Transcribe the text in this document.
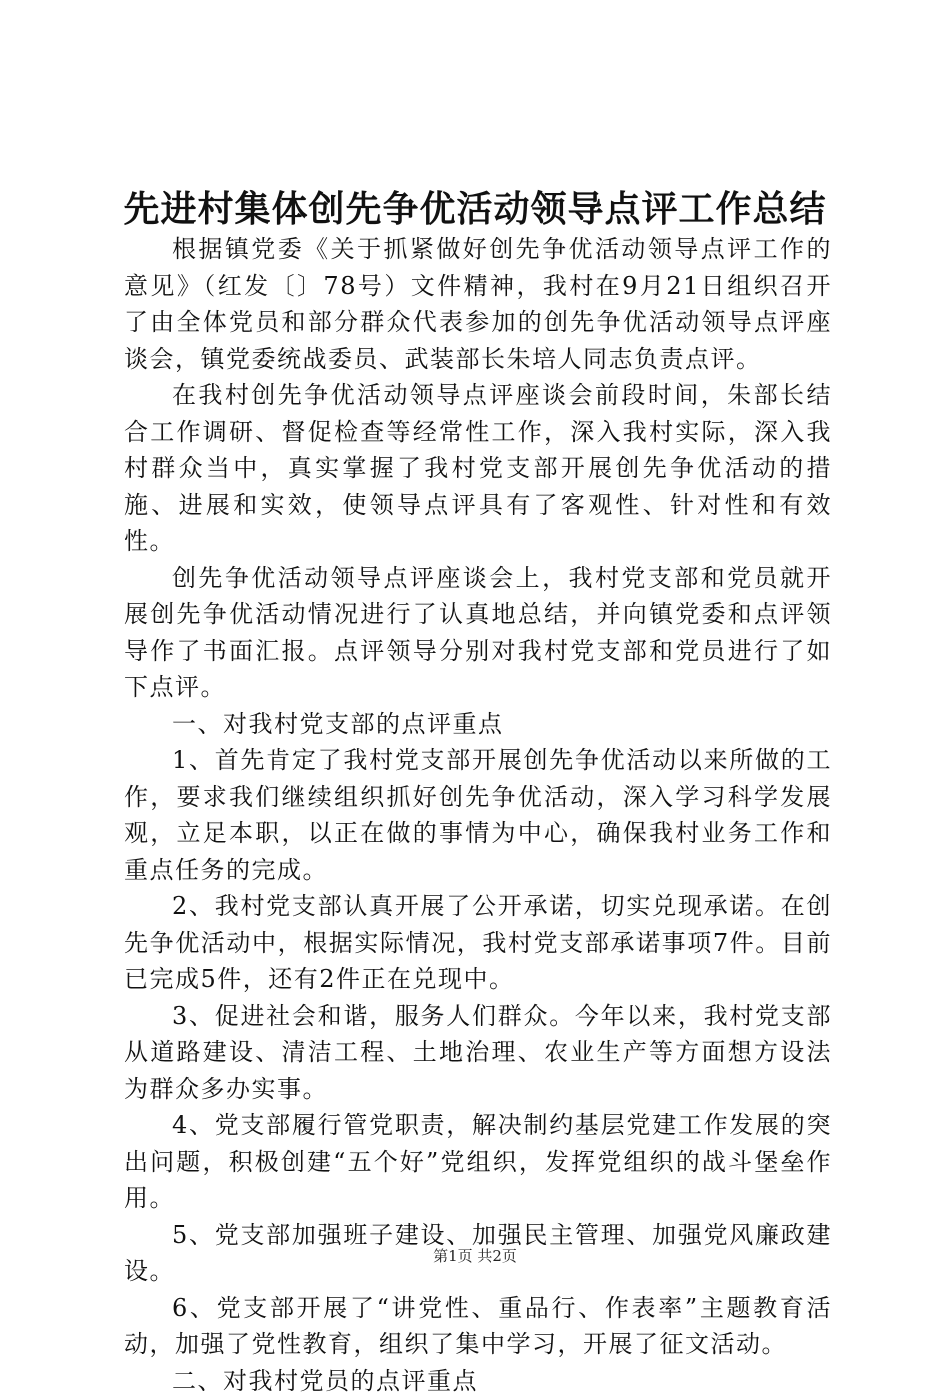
先进村集体创先争优活动领导点评工作总结

根据镇党委《关于抓紧做好创先争优活动领导点评工作的意见》（红发〔〕78号）文件精神，我村在9月21日组织召开了由全体党员和部分群众代表参加的创先争优活动领导点评座谈会，镇党委统战委员、武装部长朱培人同志负责点评。

在我村创先争优活动领导点评座谈会前段时间，朱部长结合工作调研、督促检查等经常性工作，深入我村实际，深入我村群众当中，真实掌握了我村党支部开展创先争优活动的措施、进展和实效，使领导点评具有了客观性、针对性和有效性。

创先争优活动领导点评座谈会上，我村党支部和党员就开展创先争优活动情况进行了认真地总结，并向镇党委和点评领导作了书面汇报。点评领导分别对我村党支部和党员进行了如下点评。

一、对我村党支部的点评重点

1、首先肯定了我村党支部开展创先争优活动以来所做的工作，要求我们继续组织抓好创先争优活动，深入学习科学发展观，立足本职，以正在做的事情为中心，确保我村业务工作和重点任务的完成。

2、我村党支部认真开展了公开承诺，切实兑现承诺。在创先争优活动中，根据实际情况，我村党支部承诺事项7件。目前已完成5件，还有2件正在兑现中。

3、促进社会和谐，服务人们群众。今年以来，我村党支部从道路建设、清洁工程、土地治理、农业生产等方面想方设法为群众多办实事。

4、党支部履行管党职责，解决制约基层党建工作发展的突出问题，积极创建“五个好”党组织，发挥党组织的战斗堡垒作用。

5、党支部加强班子建设、加强民主管理、加强党风廉政建设。

6、党支部开展了“讲党性、重品行、作表率”主题教育活动，加强了党性教育，组织了集中学习，开展了征文活动。

二、对我村党员的点评重点

第1页 共2页
